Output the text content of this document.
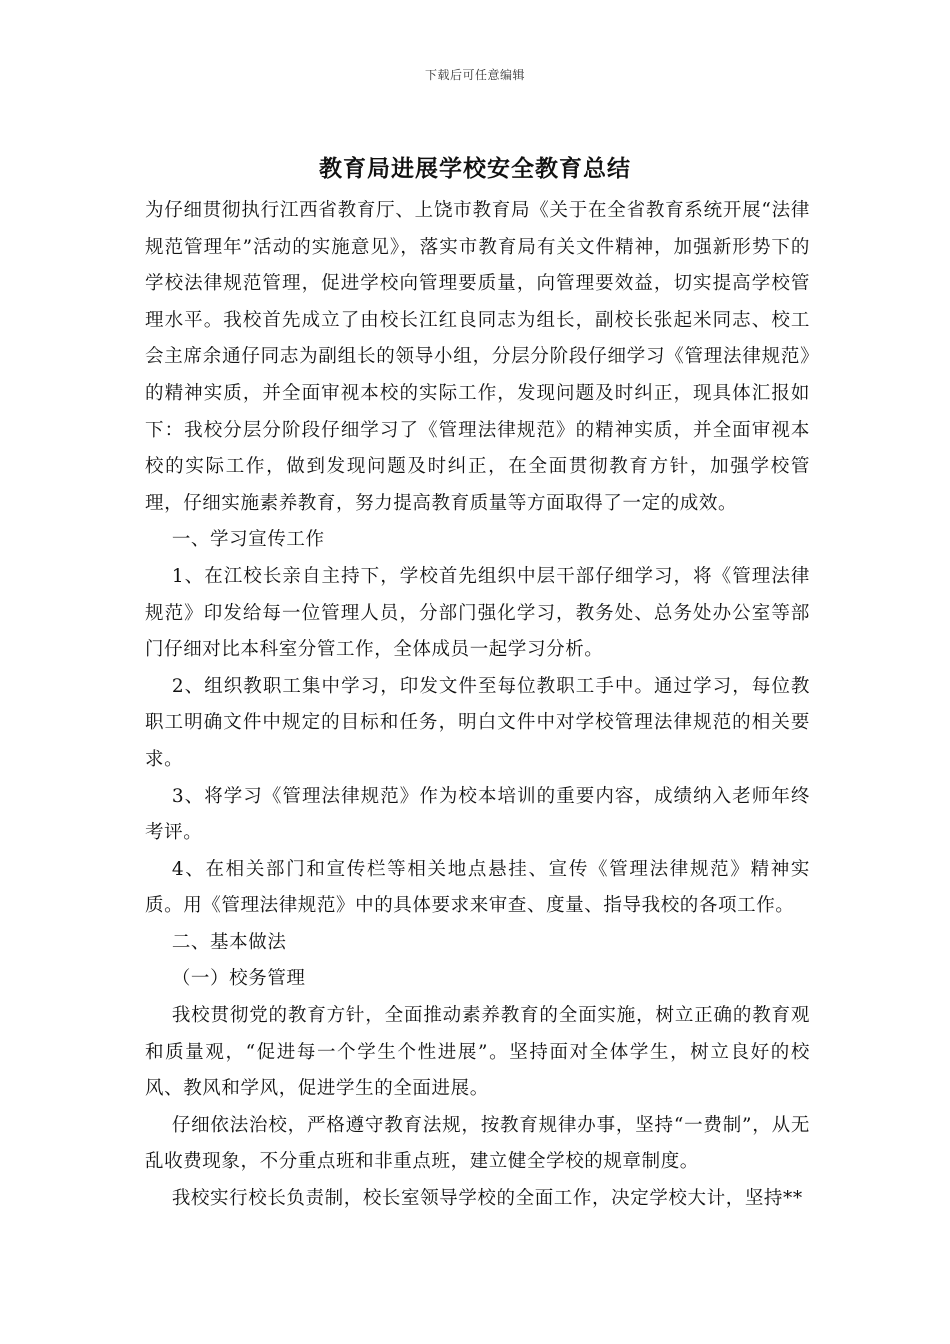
下载后可任意编辑
教育局进展学校安全教育总结

为仔细贯彻执行江西省教育厅、上饶市教育局《关于在全省教育系统开展“法律规范管理年”活动的实施意见》，落实市教育局有关文件精神，加强新形势下的学校法律规范管理，促进学校向管理要质量，向管理要效益，切实提高学校管理水平。我校首先成立了由校长江红良同志为组长，副校长张起米同志、校工会主席余通仔同志为副组长的领导小组，分层分阶段仔细学习《管理法律规范》的精神实质，并全面审视本校的实际工作，发现问题及时纠正，现具体汇报如下：我校分层分阶段仔细学习了《管理法律规范》的精神实质，并全面审视本校的实际工作，做到发现问题及时纠正，在全面贯彻教育方针，加强学校管理，仔细实施素养教育，努力提高教育质量等方面取得了一定的成效。

一、学习宣传工作

1、在江校长亲自主持下，学校首先组织中层干部仔细学习，将《管理法律规范》印发给每一位管理人员，分部门强化学习，教务处、总务处办公室等部门仔细对比本科室分管工作，全体成员一起学习分析。

2、组织教职工集中学习，印发文件至每位教职工手中。通过学习，每位教职工明确文件中规定的目标和任务，明白文件中对学校管理法律规范的相关要求。

3、将学习《管理法律规范》作为校本培训的重要内容，成绩纳入老师年终考评。

4、在相关部门和宣传栏等相关地点悬挂、宣传《管理法律规范》精神实质。用《管理法律规范》中的具体要求来审查、度量、指导我校的各项工作。

二、基本做法

（一）校务管理

我校贯彻党的教育方针，全面推动素养教育的全面实施，树立正确的教育观和质量观，“促进每一个学生个性进展”。坚持面对全体学生，树立良好的校风、教风和学风，促进学生的全面进展。

仔细依法治校，严格遵守教育法规，按教育规律办事，坚持“一费制”，从无乱收费现象，不分重点班和非重点班，建立健全学校的规章制度。

我校实行校长负责制，校长室领导学校的全面工作，决定学校大计，坚持**
